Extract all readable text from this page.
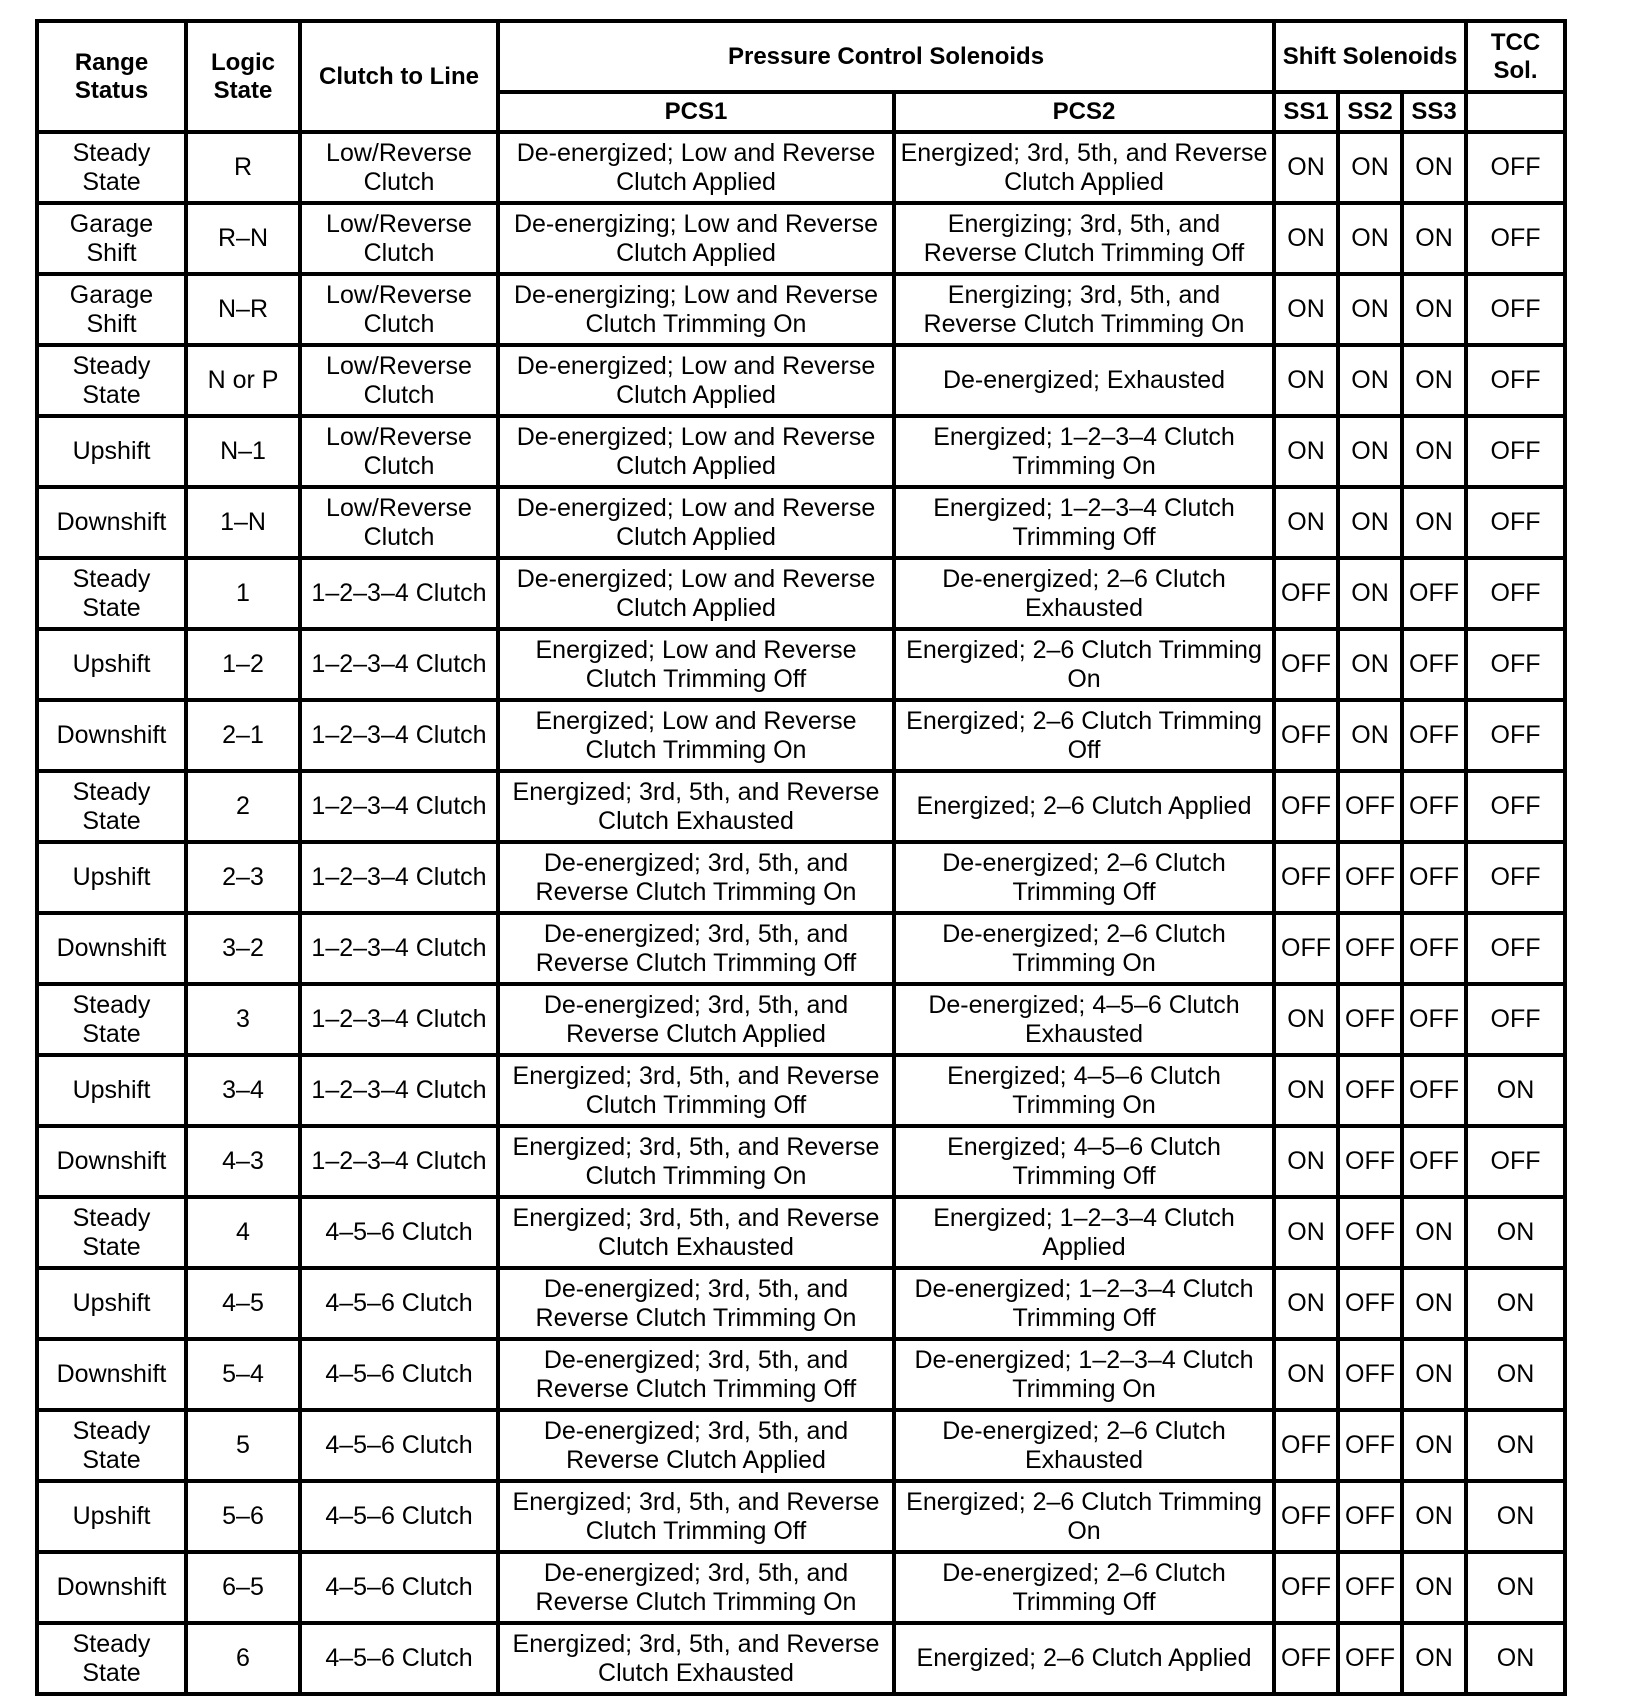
Range Status	Logic State	Clutch to Line	Pressure Control Solenoids		Shift Solenoids			TCC Sol.
			PCS1	PCS2	SS1	SS2	SS3	
Steady State	R	Low/Reverse Clutch	De-energized; Low and Reverse Clutch Applied	Energized; 3rd, 5th, and Reverse Clutch Applied	ON	ON	ON	OFF
Garage Shift	R–N	Low/Reverse Clutch	De-energizing; Low and Reverse Clutch Applied	Energizing; 3rd, 5th, and Reverse Clutch Trimming Off	ON	ON	ON	OFF
Garage Shift	N–R	Low/Reverse Clutch	De-energizing; Low and Reverse Clutch Trimming On	Energizing; 3rd, 5th, and Reverse Clutch Trimming On	ON	ON	ON	OFF
Steady State	N or P	Low/Reverse Clutch	De-energized; Low and Reverse Clutch Applied	De-energized; Exhausted	ON	ON	ON	OFF
Upshift	N–1	Low/Reverse Clutch	De-energized; Low and Reverse Clutch Applied	Energized; 1–2–3–4 Clutch Trimming On	ON	ON	ON	OFF
Downshift	1–N	Low/Reverse Clutch	De-energized; Low and Reverse Clutch Applied	Energized; 1–2–3–4 Clutch Trimming Off	ON	ON	ON	OFF
Steady State	1	1–2–3–4 Clutch	De-energized; Low and Reverse Clutch Applied	De-energized; 2–6 Clutch Exhausted	OFF	ON	OFF	OFF
Upshift	1–2	1–2–3–4 Clutch	Energized; Low and Reverse Clutch Trimming Off	Energized; 2–6 Clutch Trimming On	OFF	ON	OFF	OFF
Downshift	2–1	1–2–3–4 Clutch	Energized; Low and Reverse Clutch Trimming On	Energized; 2–6 Clutch Trimming Off	OFF	ON	OFF	OFF
Steady State	2	1–2–3–4 Clutch	Energized; 3rd, 5th, and Reverse Clutch Exhausted	Energized; 2–6 Clutch Applied	OFF	OFF	OFF	OFF
Upshift	2–3	1–2–3–4 Clutch	De-energized; 3rd, 5th, and Reverse Clutch Trimming On	De-energized; 2–6 Clutch Trimming Off	OFF	OFF	OFF	OFF
Downshift	3–2	1–2–3–4 Clutch	De-energized; 3rd, 5th, and Reverse Clutch Trimming Off	De-energized; 2–6 Clutch Trimming On	OFF	OFF	OFF	OFF
Steady State	3	1–2–3–4 Clutch	De-energized; 3rd, 5th, and Reverse Clutch Applied	De-energized; 4–5–6 Clutch Exhausted	ON	OFF	OFF	OFF
Upshift	3–4	1–2–3–4 Clutch	Energized; 3rd, 5th, and Reverse Clutch Trimming Off	Energized; 4–5–6 Clutch Trimming On	ON	OFF	OFF	ON
Downshift	4–3	1–2–3–4 Clutch	Energized; 3rd, 5th, and Reverse Clutch Trimming On	Energized; 4–5–6 Clutch Trimming Off	ON	OFF	OFF	OFF
Steady State	4	4–5–6 Clutch	Energized; 3rd, 5th, and Reverse Clutch Exhausted	Energized; 1–2–3–4 Clutch Applied	ON	OFF	ON	ON
Upshift	4–5	4–5–6 Clutch	De-energized; 3rd, 5th, and Reverse Clutch Trimming On	De-energized; 1–2–3–4 Clutch Trimming Off	ON	OFF	ON	ON
Downshift	5–4	4–5–6 Clutch	De-energized; 3rd, 5th, and Reverse Clutch Trimming Off	De-energized; 1–2–3–4 Clutch Trimming On	ON	OFF	ON	ON
Steady State	5	4–5–6 Clutch	De-energized; 3rd, 5th, and Reverse Clutch Applied	De-energized; 2–6 Clutch Exhausted	OFF	OFF	ON	ON
Upshift	5–6	4–5–6 Clutch	Energized; 3rd, 5th, and Reverse Clutch Trimming Off	Energized; 2–6 Clutch Trimming On	OFF	OFF	ON	ON
Downshift	6–5	4–5–6 Clutch	De-energized; 3rd, 5th, and Reverse Clutch Trimming On	De-energized; 2–6 Clutch Trimming Off	OFF	OFF	ON	ON
Steady State	6	4–5–6 Clutch	Energized; 3rd, 5th, and Reverse Clutch Exhausted	Energized; 2–6 Clutch Applied	OFF	OFF	ON	ON
